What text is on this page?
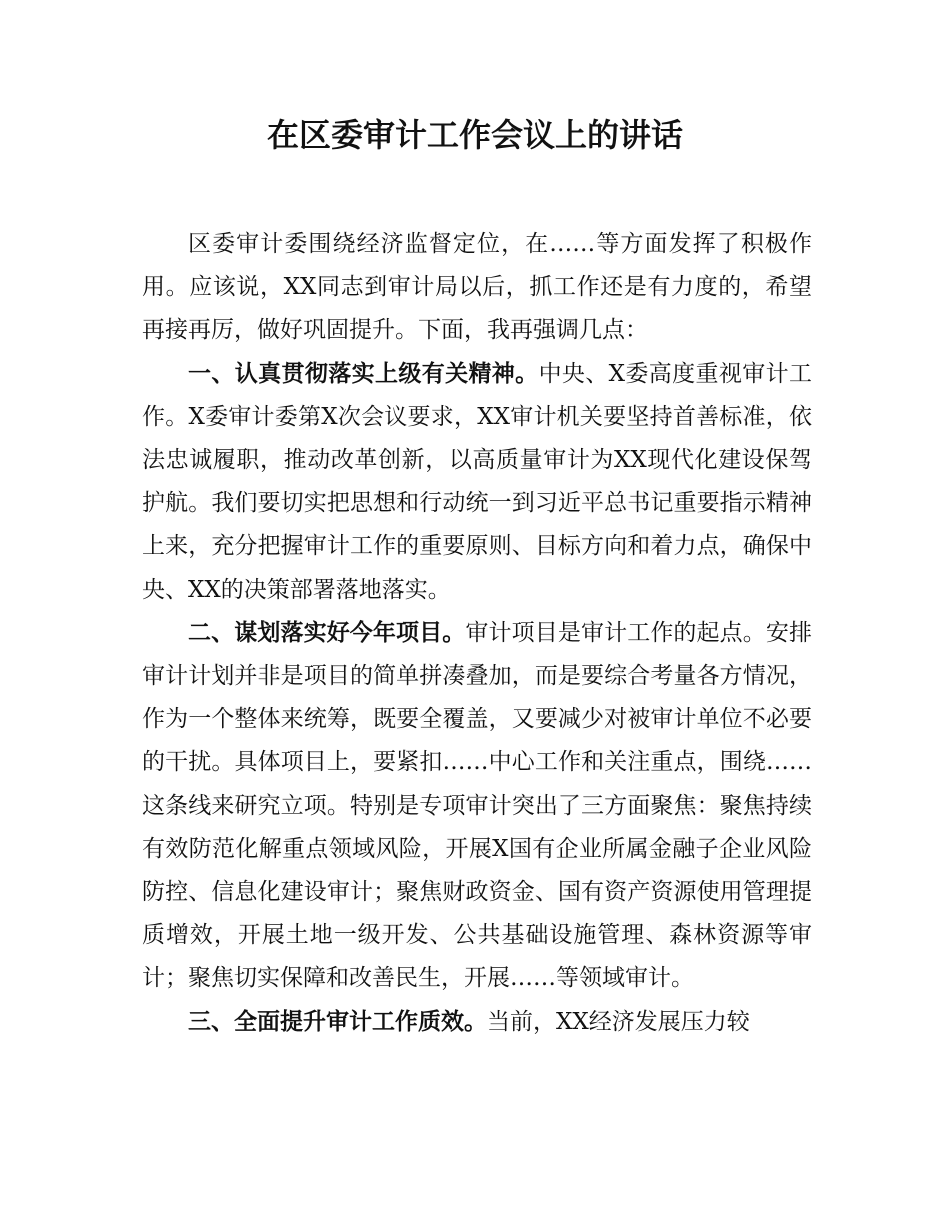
在区委审计工作会议上的讲话

区委审计委围绕经济监督定位，在……等方面发挥了积极作用。应该说，XX同志到审计局以后，抓工作还是有力度的，希望再接再厉，做好巩固提升。下面，我再强调几点：

一、认真贯彻落实上级有关精神。中央、X委高度重视审计工作。X委审计委第X次会议要求，XX审计机关要坚持首善标准，依法忠诚履职，推动改革创新，以高质量审计为XX现代化建设保驾护航。我们要切实把思想和行动统一到习近平总书记重要指示精神上来，充分把握审计工作的重要原则、目标方向和着力点，确保中央、XX的决策部署落地落实。

二、谋划落实好今年项目。审计项目是审计工作的起点。安排审计计划并非是项目的简单拼凑叠加，而是要综合考量各方情况，作为一个整体来统筹，既要全覆盖，又要减少对被审计单位不必要的干扰。具体项目上，要紧扣……中心工作和关注重点，围绕……这条线来研究立项。特别是专项审计突出了三方面聚焦：聚焦持续有效防范化解重点领域风险，开展X国有企业所属金融子企业风险防控、信息化建设审计；聚焦财政资金、国有资产资源使用管理提质增效，开展土地一级开发、公共基础设施管理、森林资源等审计；聚焦切实保障和改善民生，开展……等领域审计。

三、全面提升审计工作质效。当前，XX经济发展压力较
